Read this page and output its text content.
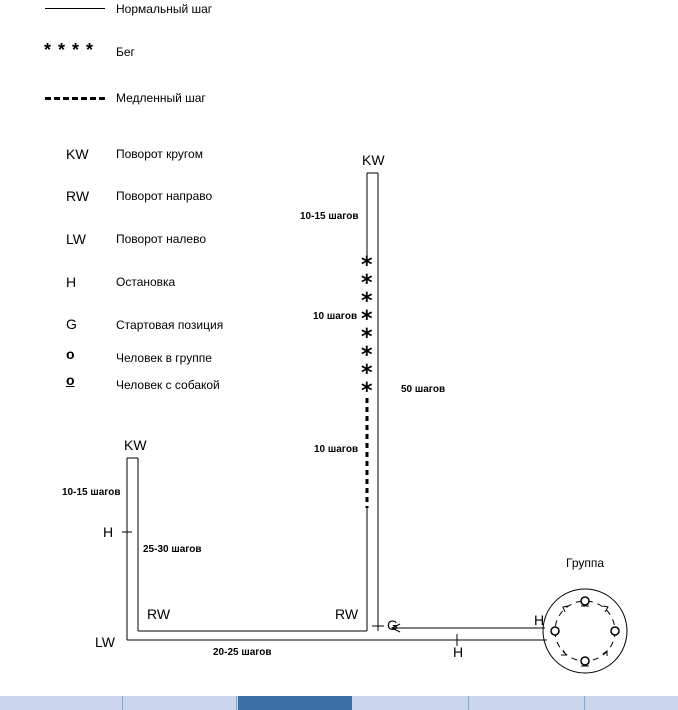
Нормальный шаг
* * * * Бег
Медленный шаг
KW Поворот кругом
RW Поворот направо
LW	Поворот налево
H	Остановка
G	Стартовая позиция
o	Человек в группе
o	Человек с собакой
*
*
*
*
*
*
*
*
KW
KW
RW	RW
LW
H
H
H
G
Группа
10-15 шагов
10 шагов
50 шагов
10 шагов
10-15 шагов
25-30 шагов
20-25 шагов
